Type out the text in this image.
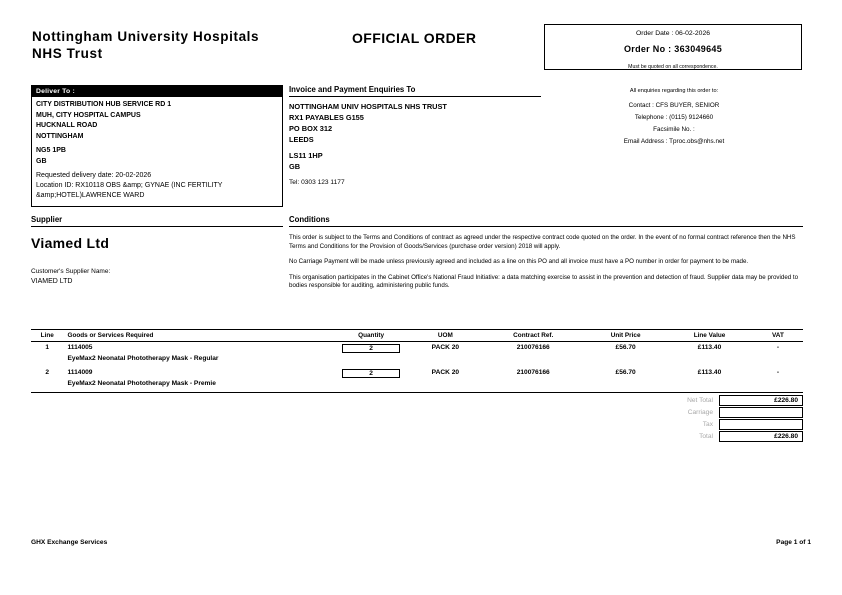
Nottingham University Hospitals
NHS Trust
OFFICIAL ORDER	Order Date : 06-02-2026
Order No : 363049645
Must be quoted on all correspondence.
Deliver To :
CITY DISTRIBUTION HUB SERVICE RD 1
MUH, CITY HOSPITAL CAMPUS
HUCKNALL ROAD
NOTTINGHAM
NG5 1PB
GB
Requested delivery date: 20-02-2026
Location ID: RX10118 OBS &amp; GYNAE (INC FERTILITY &amp;HOTEL)LAWRENCE WARD
Invoice and Payment Enquiries To
NOTTINGHAM UNIV HOSPITALS NHS TRUST
RX1 PAYABLES G155
PO BOX 312
LEEDS
LS11 1HP
GB
Tel: 0303 123 1177
All enquiries regarding this order to:
Contact : CFS BUYER, SENIOR
Telephone : (0115) 9124660
Facsimile No. :
Email Address : Tproc.obs@nhs.net
Supplier
Viamed Ltd
Customer's Supplier Name:
VIAMED LTD
Conditions
This order is subject to the Terms and Conditions of contract as agreed under the respective contract code quoted on the order. In the event of no formal contract reference then the NHS Terms and Conditions for the Provision of Goods/Services (purchase order version) 2018 will apply.
No Carriage Payment will be made unless previously agreed and included as a line on this PO and all invoice must have a PO number in order for payment to be made.
This organisation participates in the Cabinet Office's National Fraud Initiative: a data matching exercise to assist in the prevention and detection of fraud. Supplier data may be provided to bodies responsible for auditing, administering public funds.
Line	Goods or Services Required	Quantity	UOM	Contract Ref.	Unit Price	Line Value	VAT
1	1114005	2	PACK 20	210076166	£56.70	£113.40	-
	EyeMax2 Neonatal Phototherapy Mask - Regular						
2	1114009	2	PACK 20	210076166	£56.70	£113.40	-
	EyeMax2 Neonatal Phototherapy Mask - Premie						
Net Total	£226.80
Carriage
Tax
Total	£226.80
GHX Exchange Services	Page 1 of 1
